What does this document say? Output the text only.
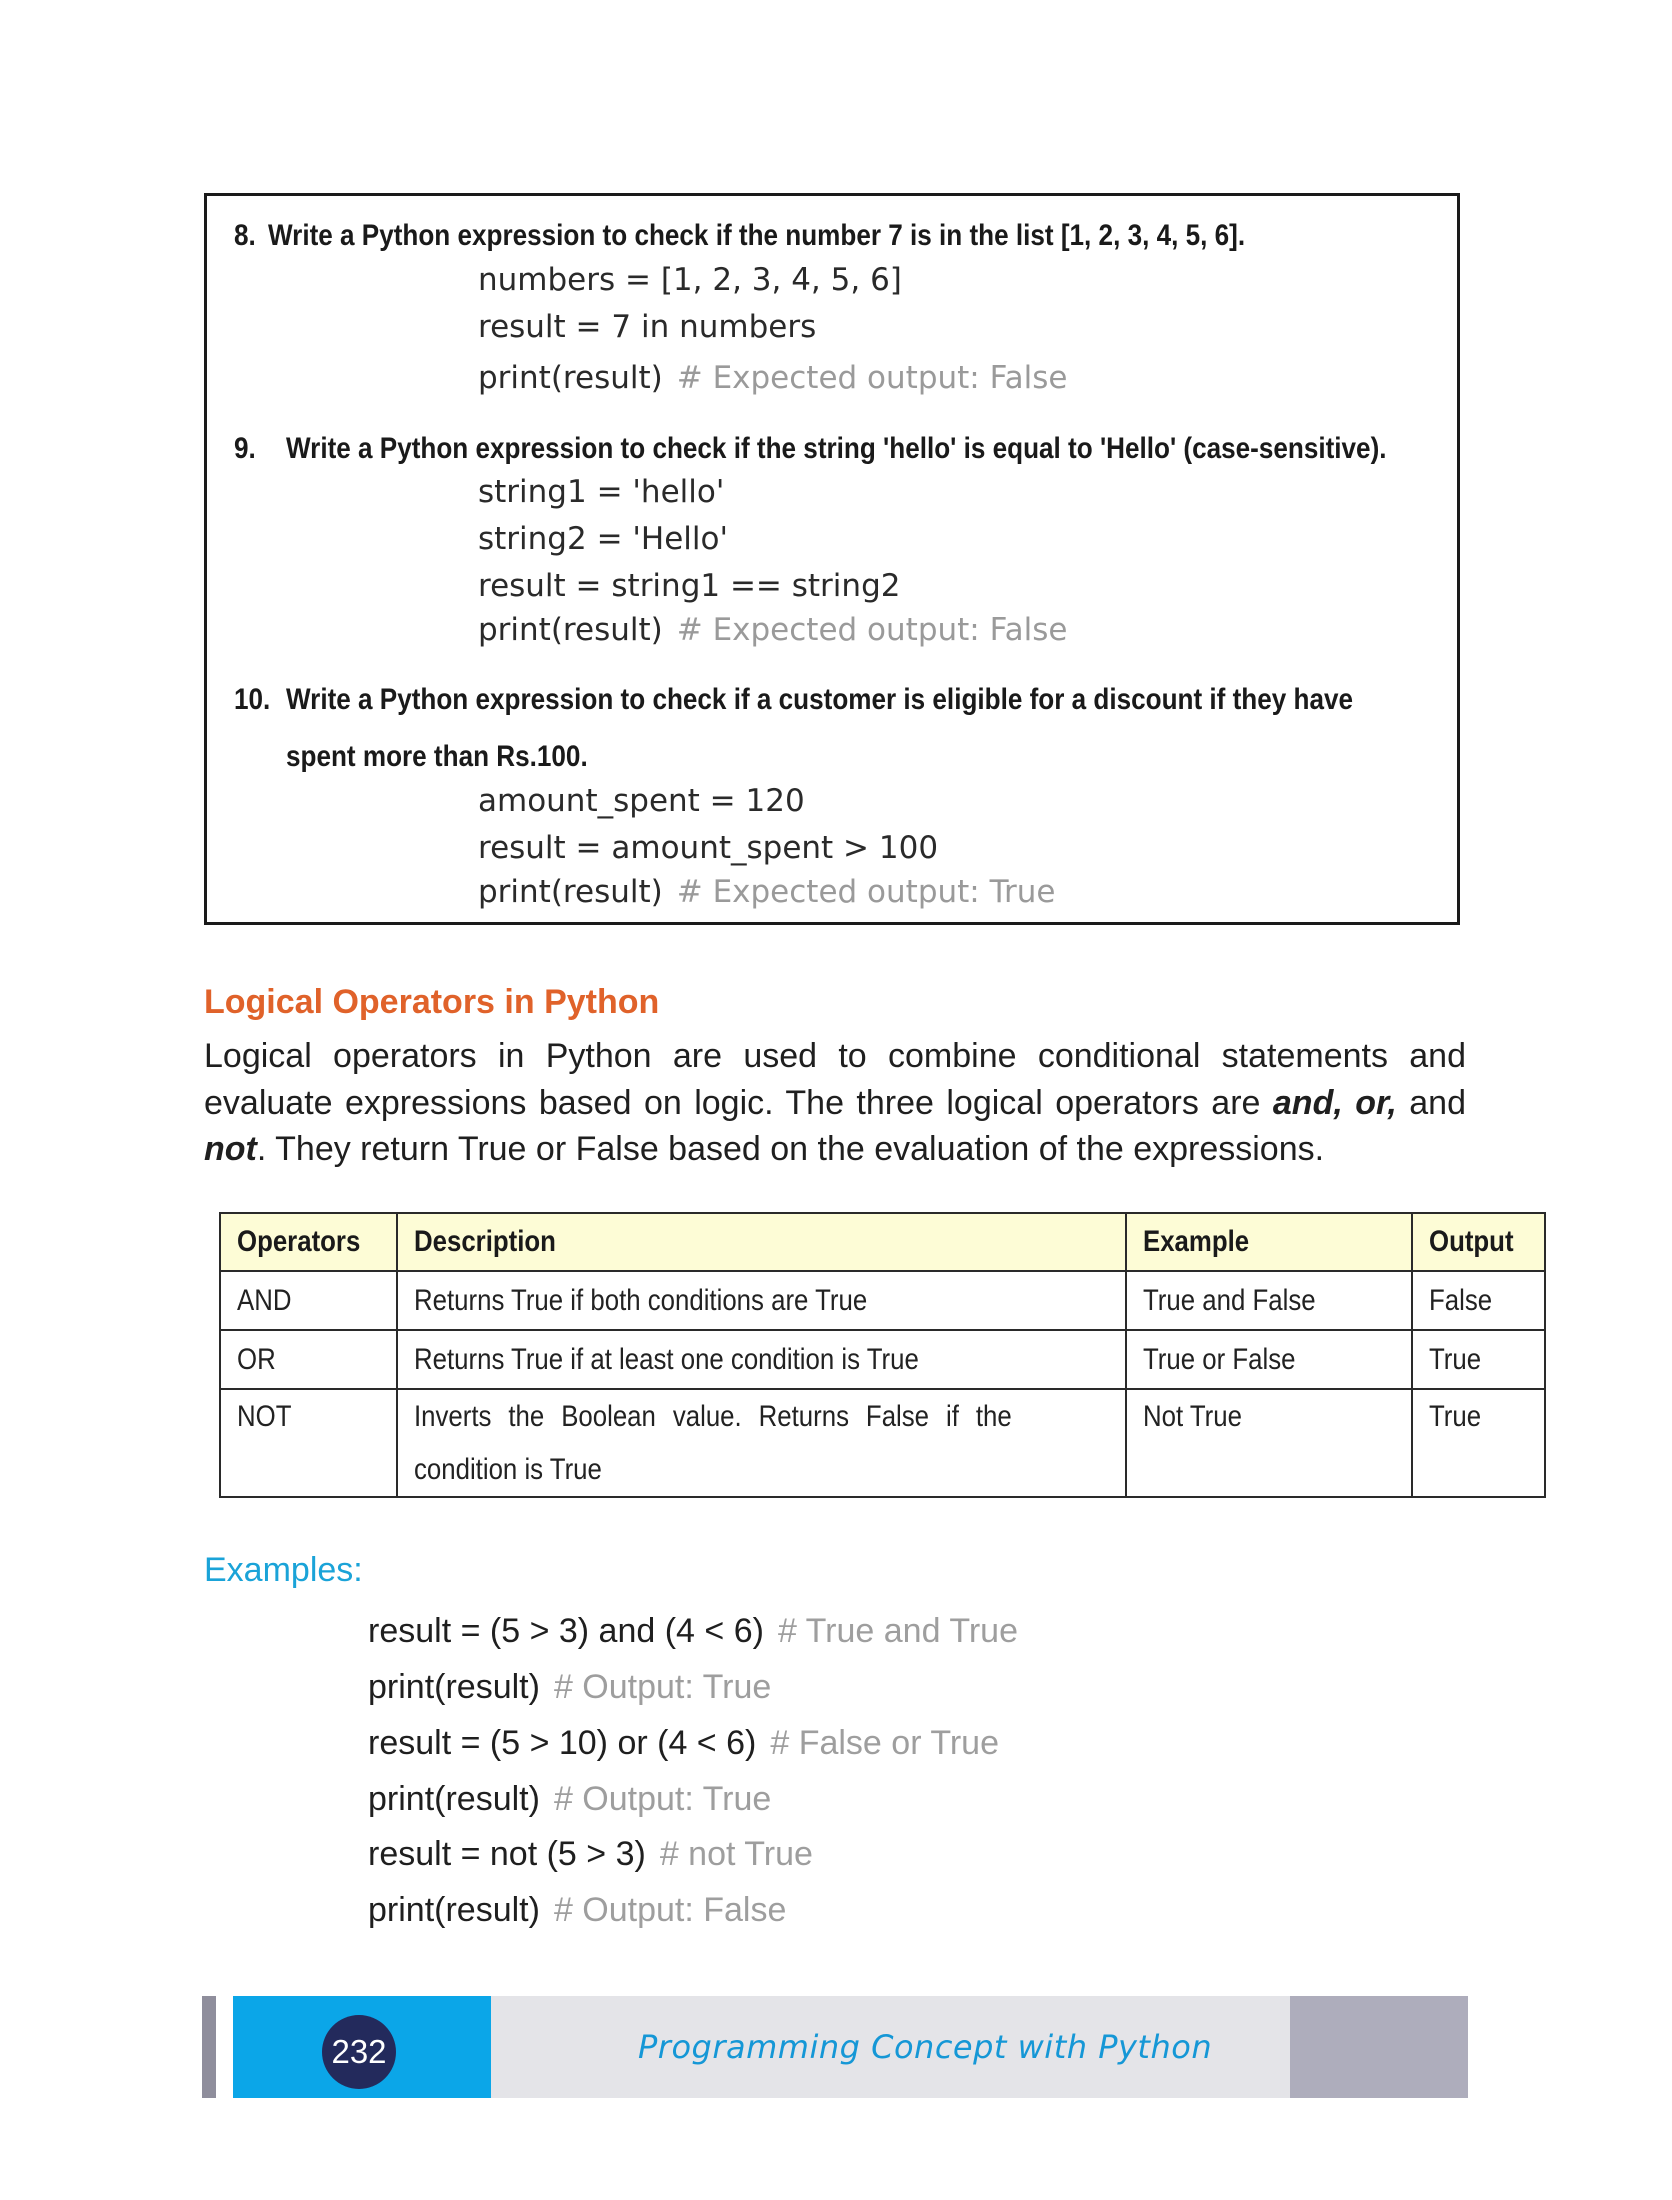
8. Write a Python expression to check if the number 7 is in the list [1, 2, 3, 4, 5, 6].
numbers = [1, 2, 3, 4, 5, 6]
result = 7 in numbers
print(result) # Expected output: False
9. Write a Python expression to check if the string 'hello' is equal to 'Hello' (case-sensitive).
string1 = 'hello'
string2 = 'Hello'
result = string1 == string2
print(result) # Expected output: False
10. Write a Python expression to check if a customer is eligible for a discount if they have
spent more than Rs.100.
amount_spent = 120
result = amount_spent > 100
print(result) # Expected output: True
Logical Operators in Python
Logical operators in Python are used to combine conditional statements and evaluate expressions based on logic. The three logical operators are and, or, and not. They return True or False based on the evaluation of the expressions.
Operators	Description	Example	Output
AND	Returns True if both conditions are True	True and False	False
OR	Returns True if at least one condition is True	True or False	True
NOT	Inverts the Boolean value. Returns False if the condition is True	Not True	True
Examples:
result = (5 > 3) and (4 < 6) # True and True
print(result) # Output: True
result = (5 > 10) or (4 < 6) # False or True
print(result) # Output: True
result = not (5 > 3) # not True
print(result) # Output: False
232	Programming Concept with Python
